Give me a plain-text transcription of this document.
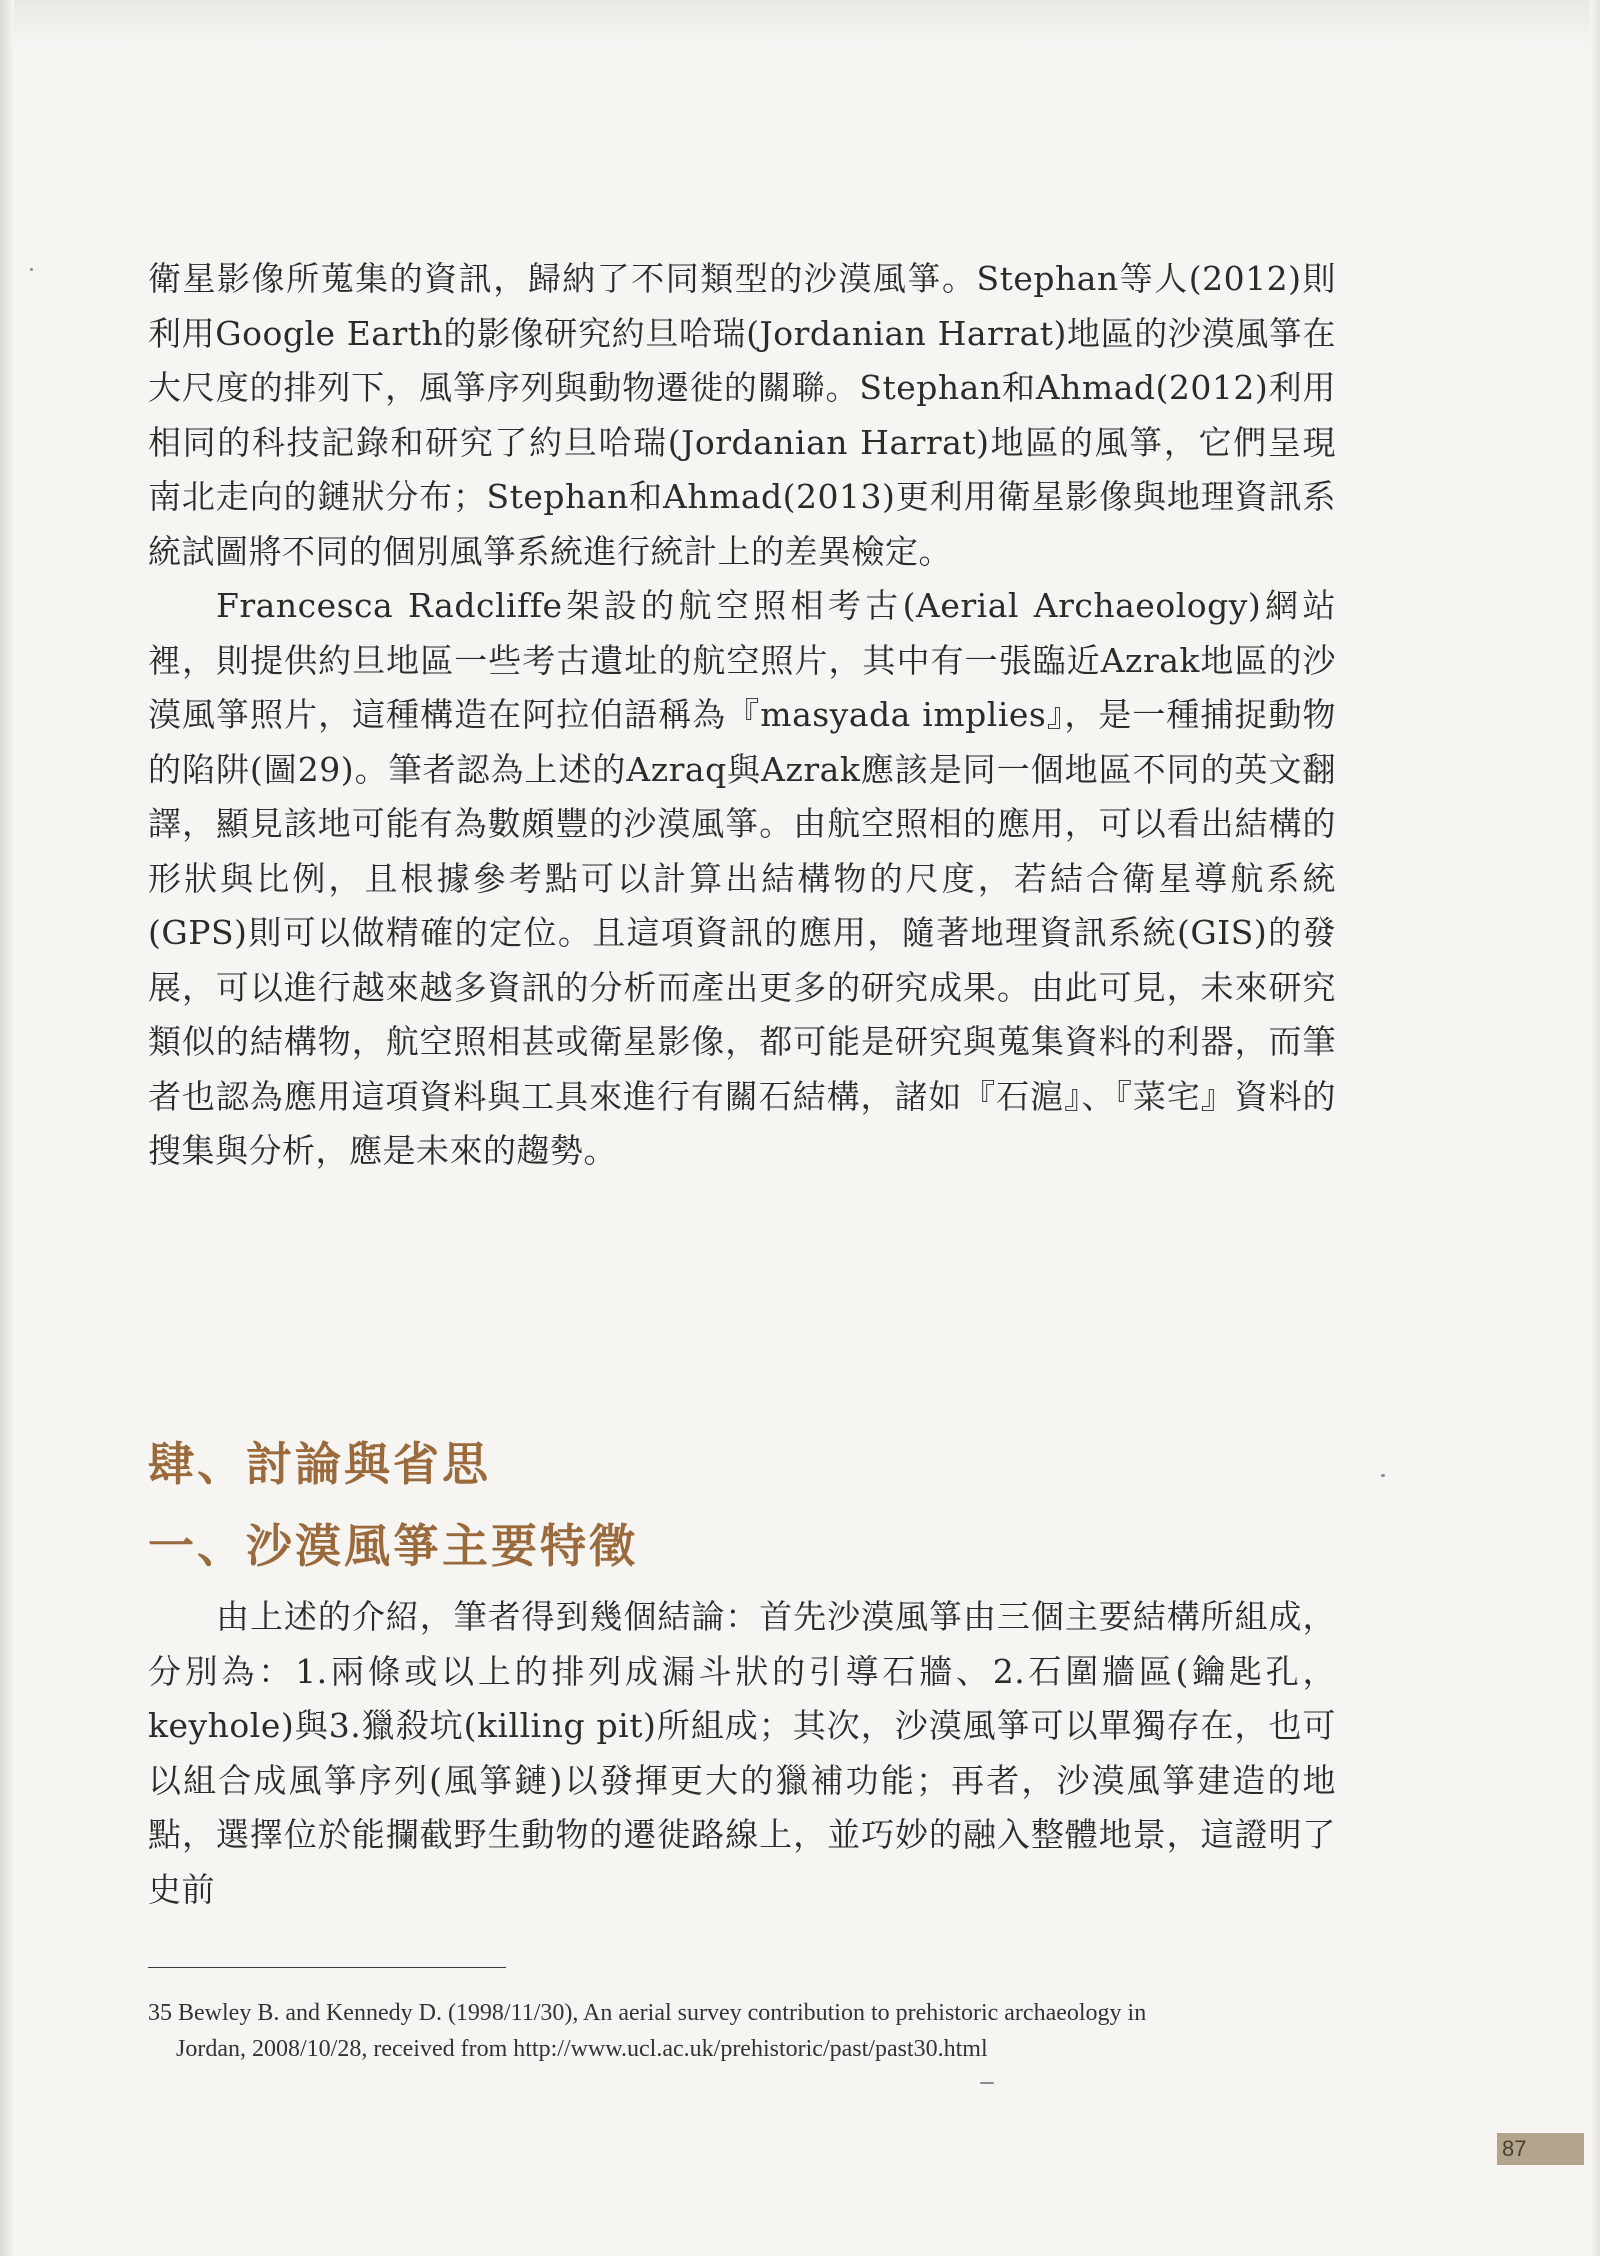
衛星影像所蒐集的資訊，歸納了不同類型的沙漠風箏。Stephan等人(2012)則利用Google Earth的影像研究約旦哈瑞(Jordanian Harrat)地區的沙漠風箏在大尺度的排列下，風箏序列與動物遷徙的關聯。Stephan和Ahmad(2012)利用相同的科技記錄和研究了約旦哈瑞(Jordanian Harrat)地區的風箏，它們呈現南北走向的鏈狀分布；Stephan和Ahmad(2013)更利用衛星影像與地理資訊系統試圖將不同的個別風箏系統進行統計上的差異檢定。

Francesca Radcliffe架設的航空照相考古(Aerial Archaeology)網站裡，則提供約旦地區一些考古遺址的航空照片，其中有一張臨近Azrak地區的沙漠風箏照片，這種構造在阿拉伯語稱為『masyada implies』，是一種捕捉動物的陷阱(圖29)。筆者認為上述的Azraq與Azrak應該是同一個地區不同的英文翻譯，顯見該地可能有為數頗豐的沙漠風箏。由航空照相的應用，可以看出結構的形狀與比例，且根據參考點可以計算出結構物的尺度，若結合衛星導航系統(GPS)則可以做精確的定位。且這項資訊的應用，隨著地理資訊系統(GIS)的發展，可以進行越來越多資訊的分析而產出更多的研究成果。由此可見，未來研究類似的結構物，航空照相甚或衛星影像，都可能是研究與蒐集資料的利器，而筆者也認為應用這項資料與工具來進行有關石結構，諸如『石滬』、『菜宅』資料的搜集與分析，應是未來的趨勢。

肆、討論與省思
一、沙漠風箏主要特徵

由上述的介紹，筆者得到幾個結論：首先沙漠風箏由三個主要結構所組成，分別為：1.兩條或以上的排列成漏斗狀的引導石牆、2.石圍牆區(鑰匙孔，keyhole)與3.獵殺坑(killing pit)所組成；其次，沙漠風箏可以單獨存在，也可以組合成風箏序列(風箏鏈)以發揮更大的獵補功能；再者，沙漠風箏建造的地點，選擇位於能攔截野生動物的遷徙路線上，並巧妙的融入整體地景，這證明了史前

35 Bewley B. and Kennedy D. (1998/11/30), An aerial survey contribution to prehistoric archaeology in
Jordan, 2008/10/28, received from http://www.ucl.ac.uk/prehistoric/past/past30.html

87
